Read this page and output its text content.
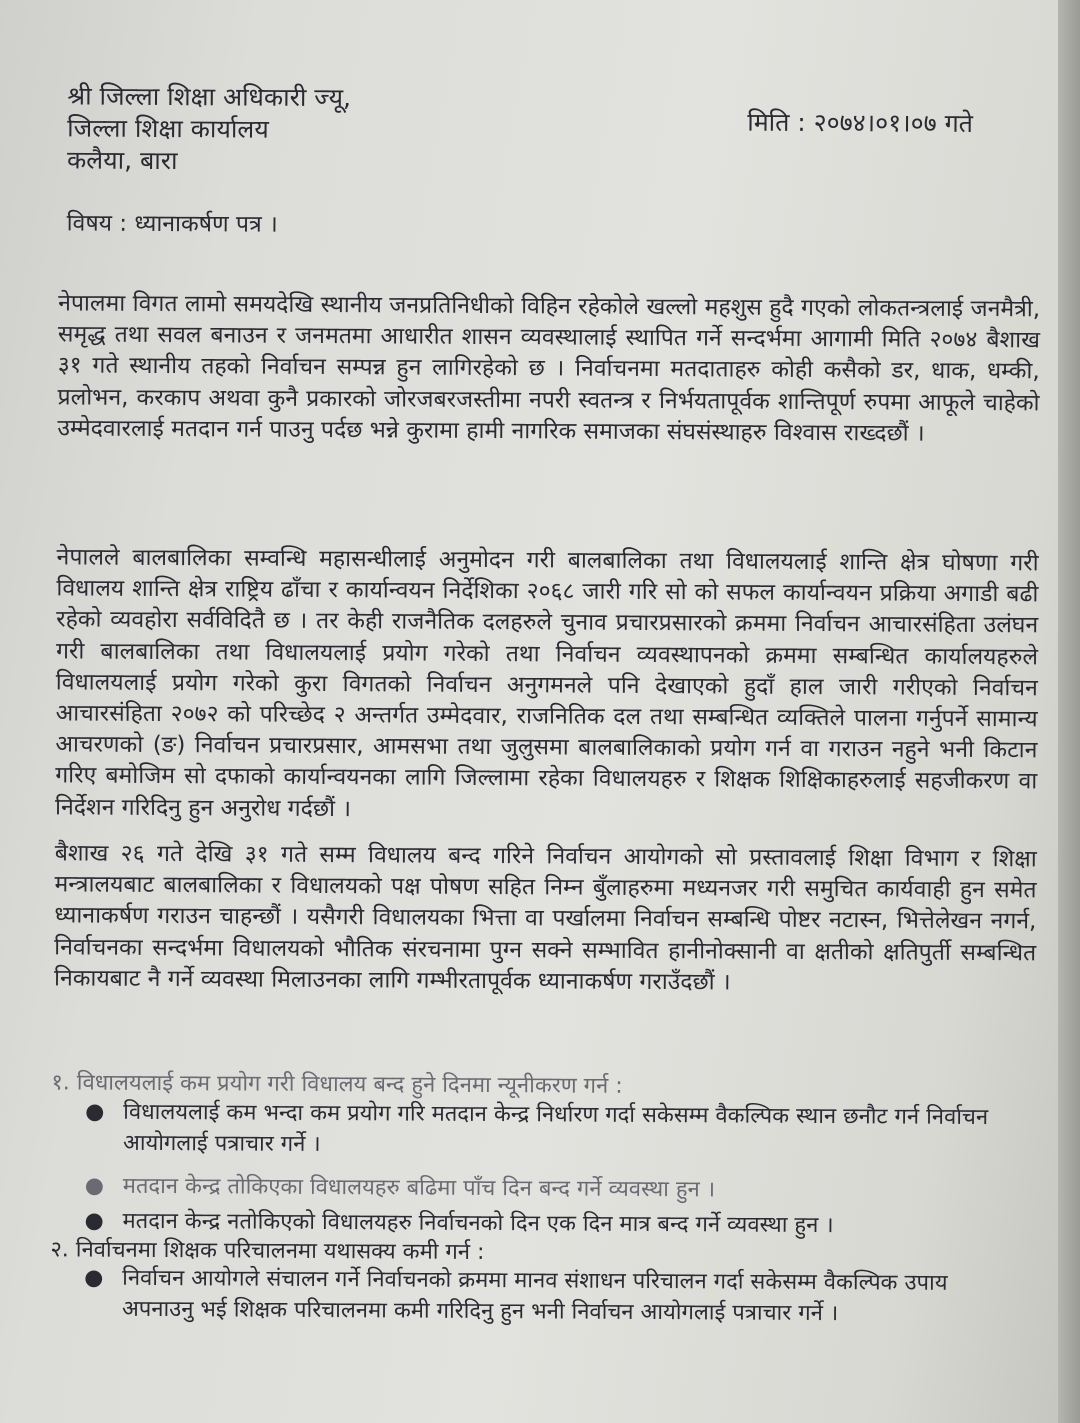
श्री जिल्ला शिक्षा अधिकारी ज्यू,
जिल्ला शिक्षा कार्यालय
कलैया, बारा
मिति : २०७४।०१।०७ गते
विषय : ध्यानाकर्षण पत्र ।
नेपालमा विगत लामो समयदेखि स्थानीय जनप्रतिनिधीको विहिन रहेकोले खल्लो महशुस हुदै गएको लोकतन्त्रलाई जनमैत्री, समृद्ध तथा सवल बनाउन र जनमतमा आधारीत शासन व्यवस्थालाई स्थापित गर्ने सन्दर्भमा आगामी मिति २०७४ बैशाख ३१ गते स्थानीय तहको निर्वाचन सम्पन्न हुन लागिरहेको छ । निर्वाचनमा मतदाताहरु कोही कसैको डर, धाक, धम्की, प्रलोभन, करकाप अथवा कुनै प्रकारको जोरजबरजस्तीमा नपरी स्वतन्त्र र निर्भयतापूर्वक शान्तिपूर्ण रुपमा आफूले चाहेको उम्मेदवारलाई मतदान गर्न पाउनु पर्दछ भन्ने कुरामा हामी नागरिक समाजका संघसंस्थाहरु विश्वास राख्दछौं ।
नेपालले बालबालिका सम्वन्धि महासन्धीलाई अनुमोदन गरी बालबालिका तथा विधालयलाई शान्ति क्षेत्र घोषणा गरी विधालय शान्ति क्षेत्र राष्ट्रिय ढाँचा र कार्यान्वयन निर्देशिका २०६८ जारी गरि सो को सफल कार्यान्वयन प्रक्रिया अगाडी बढी रहेको व्यवहोरा सर्वविदितै छ । तर केही राजनैतिक दलहरुले चुनाव प्रचारप्रसारको क्रममा निर्वाचन आचारसंहिता उलंघन गरी बालबालिका तथा विधालयलाई प्रयोग गरेको तथा निर्वाचन व्यवस्थापनको क्रममा सम्बन्धित कार्यालयहरुले विधालयलाई प्रयोग गरेको कुरा विगतको निर्वाचन अनुगमनले पनि देखाएको हुदाँ हाल जारी गरीएको निर्वाचन आचारसंहिता २०७२ को परिच्छेद २ अन्तर्गत उम्मेदवार, राजनितिक दल तथा सम्बन्धित व्यक्तिले पालना गर्नुपर्ने सामान्य आचरणको (ङ) निर्वाचन प्रचारप्रसार, आमसभा तथा जुलुसमा बालबालिकाको प्रयोग गर्न वा गराउन नहुने भनी किटान गरिए बमोजिम सो दफाको कार्यान्वयनका लागि जिल्लामा रहेका विधालयहरु र शिक्षक शिक्षिकाहरुलाई सहजीकरण वा निर्देशन गरिदिनु हुन अनुरोध गर्दछौं ।
बैशाख २६ गते देखि ३१ गते सम्म विधालय बन्द गरिने निर्वाचन आयोगको सो प्रस्तावलाई शिक्षा विभाग र शिक्षा मन्त्रालयबाट बालबालिका र विधालयको पक्ष पोषण सहित निम्न बुँलाहरुमा मध्यनजर गरी समुचित कार्यवाही हुन समेत ध्यानाकर्षण गराउन चाहन्छौं । यसैगरी विधालयका भित्ता वा पर्खालमा निर्वाचन सम्बन्धि पोष्टर नटास्न, भित्तेलेखन नगर्न, निर्वाचनका सन्दर्भमा विधालयको भौतिक संरचनामा पुग्न सक्ने सम्भावित हानीनोक्सानी वा क्षतीको क्षतिपुर्ती सम्बन्धित निकायबाट नै गर्ने व्यवस्था मिलाउनका लागि गम्भीरतापूर्वक ध्यानाकर्षण गराउँदछौं ।
१. विधालयलाई कम प्रयोग गरी विधालय बन्द हुने दिनमा न्यूनीकरण गर्न :
● विधालयलाई कम भन्दा कम प्रयोग गरि मतदान केन्द्र निर्धारण गर्दा सकेसम्म वैकल्पिक स्थान छनौट गर्न निर्वाचन आयोगलाई पत्राचार गर्ने ।
● मतदान केन्द्र तोकिएका विधालयहरु बढिमा पाँच दिन बन्द गर्ने व्यवस्था हुन ।
● मतदान केन्द्र नतोकिएको विधालयहरु निर्वाचनको दिन एक दिन मात्र बन्द गर्ने व्यवस्था हुन ।
२. निर्वाचनमा शिक्षक परिचालनमा यथासक्य कमी गर्न :
● निर्वाचन आयोगले संचालन गर्ने निर्वाचनको क्रममा मानव संशाधन परिचालन गर्दा सकेसम्म वैकल्पिक उपाय अपनाउनु भई शिक्षक परिचालनमा कमी गरिदिनु हुन भनी निर्वाचन आयोगलाई पत्राचार गर्ने ।
